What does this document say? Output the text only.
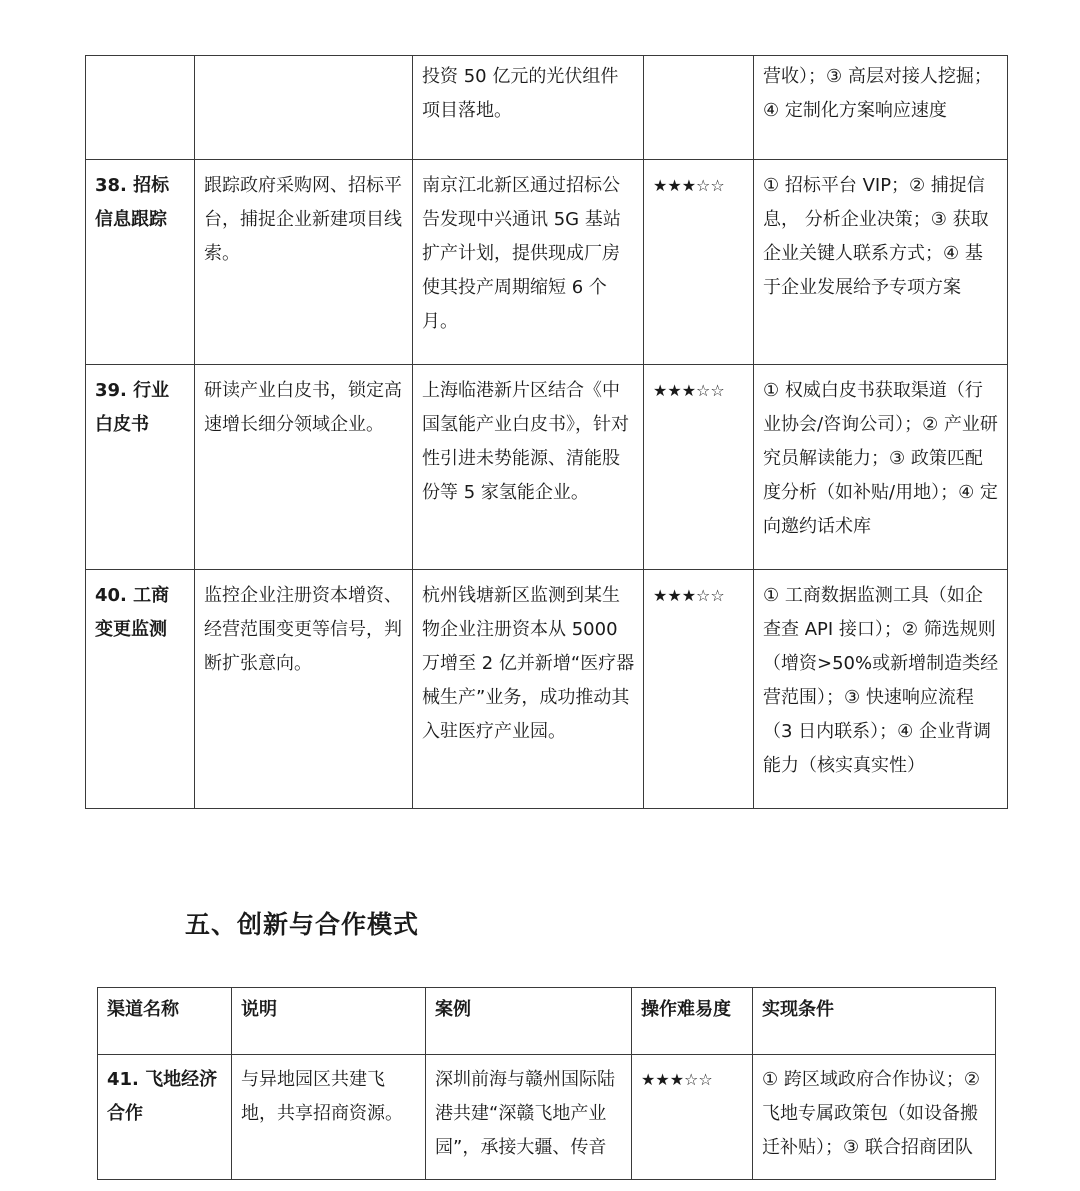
		投资 50 亿元的光伏组件项目落地。		营收）；③ 高层对接人挖掘；④ 定制化方案响应速度

38. 招标信息跟踪	跟踪政府采购网、招标平台，捕捉企业新建项目线索。	南京江北新区通过招标公告发现中兴通讯 5G 基站扩产计划，提供现成厂房使其投产周期缩短 6 个月。	★★★☆☆	① 招标平台 VIP；② 捕捉信息， 分析企业决策；③ 获取企业关键人联系方式；④ 基于企业发展给予专项方案

39. 行业白皮书	研读产业白皮书，锁定高速增长细分领域企业。	上海临港新片区结合《中国氢能产业白皮书》，针对性引进未势能源、清能股份等 5 家氢能企业。	★★★☆☆	① 权威白皮书获取渠道（行业协会/咨询公司）；② 产业研究员解读能力；③ 政策匹配度分析（如补贴/用地）；④ 定向邀约话术库

40. 工商变更监测	监控企业注册资本增资、经营范围变更等信号，判断扩张意向。	杭州钱塘新区监测到某生物企业注册资本从 5000 万增至 2 亿并新增“医疗器械生产”业务，成功推动其入驻医疗产业园。	★★★☆☆	① 工商数据监测工具（如企查查 API 接口）；② 筛选规则（增资>50%或新增制造类经营范围）；③ 快速响应流程（3 日内联系）；④ 企业背调能力（核实真实性）
五、创新与合作模式
渠道名称	说明	案例	操作难易度	实现条件

41. 飞地经济合作	与异地园区共建飞地，共享招商资源。	深圳前海与赣州国际陆港共建“深赣飞地产业园”，承接大疆、传音	★★★☆☆	① 跨区域政府合作协议；② 飞地专属政策包（如设备搬迁补贴）；③ 联合招商团队
